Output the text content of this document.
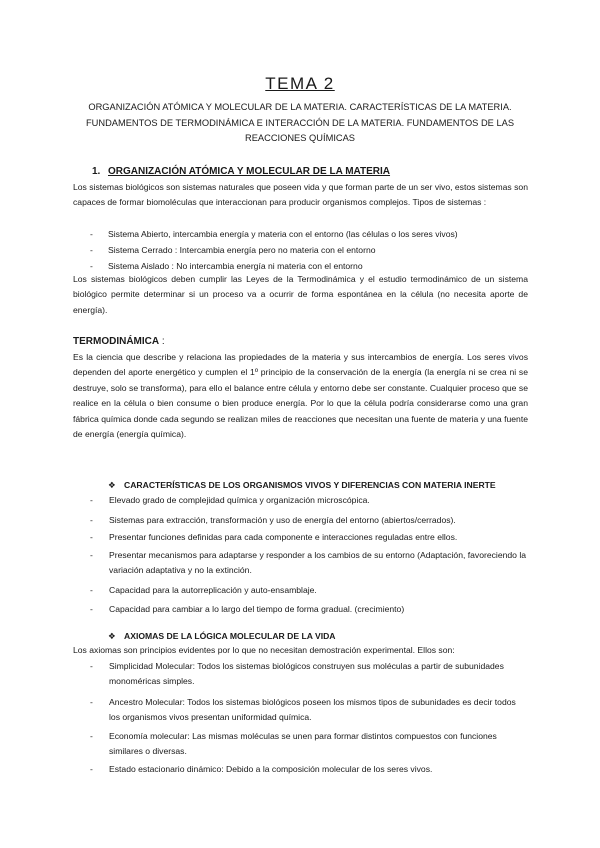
TEMA 2
ORGANIZACIÓN ATÓMICA Y MOLECULAR DE LA MATERIA. CARACTERÍSTICAS DE LA MATERIA. FUNDAMENTOS DE TERMODINÁMICA E INTERACCIÓN DE LA MATERIA. FUNDAMENTOS DE LAS REACCIONES QUÍMICAS
1. ORGANIZACIÓN ATÓMICA Y MOLECULAR DE LA MATERIA
Los sistemas biológicos son sistemas naturales que poseen vida y que forman parte de un ser vivo, estos sistemas son capaces de formar biomoléculas que interaccionan para producir organismos complejos. Tipos de sistemas :
- Sistema Abierto, intercambia energía y materia con el entorno (las células o los seres vivos)
- Sistema Cerrado : Intercambia energía pero no materia con el entorno
- Sistema Aislado : No intercambia energía ni materia con el entorno
Los sistemas biológicos deben cumplir las Leyes de la Termodinámica y el estudio termodinámico de un sistema biológico permite determinar si un proceso va a ocurrir de forma espontánea en la célula (no necesita aporte de energía).
TERMODINÁMICA :
Es la ciencia que describe y relaciona las propiedades de la materia y sus intercambios de energía. Los seres vivos dependen del aporte energético y cumplen el 1º principio de la conservación de la energía (la energía ni se crea ni se destruye, solo se transforma), para ello el balance entre célula y entorno debe ser constante. Cualquier proceso que se realice en la célula o bien consume o bien produce energía. Por lo que la célula podría considerarse como una gran fábrica química donde cada segundo se realizan miles de reacciones que necesitan una fuente de materia y una fuente de energía (energía química).
❖ CARACTERÍSTICAS DE LOS ORGANISMOS VIVOS Y DIFERENCIAS CON MATERIA INERTE
- Elevado grado de complejidad química y organización microscópica.
- Sistemas para extracción, transformación y uso de energía del entorno (abiertos/cerrados).
- Presentar funciones definidas para cada componente e interacciones reguladas entre ellos.
- Presentar mecanismos para adaptarse y responder a los cambios de su entorno (Adaptación, favoreciendo la variación adaptativa y no la extinción.
- Capacidad para la autorreplicación y auto-ensamblaje.
- Capacidad para cambiar a lo largo del tiempo de forma gradual. (crecimiento)
❖ AXIOMAS DE LA LÓGICA MOLECULAR DE LA VIDA
Los axiomas son principios evidentes por lo que no necesitan demostración experimental. Ellos son:
- Simplicidad Molecular: Todos los sistemas biológicos construyen sus moléculas a partir de subunidades monoméricas simples.
- Ancestro Molecular: Todos los sistemas biológicos poseen los mismos tipos de subunidades es decir todos los organismos vivos presentan uniformidad química.
- Economía molecular: Las mismas moléculas se unen para formar distintos compuestos con funciones similares o diversas.
- Estado estacionario dinámico: Debido a la composición molecular de los seres vivos.
